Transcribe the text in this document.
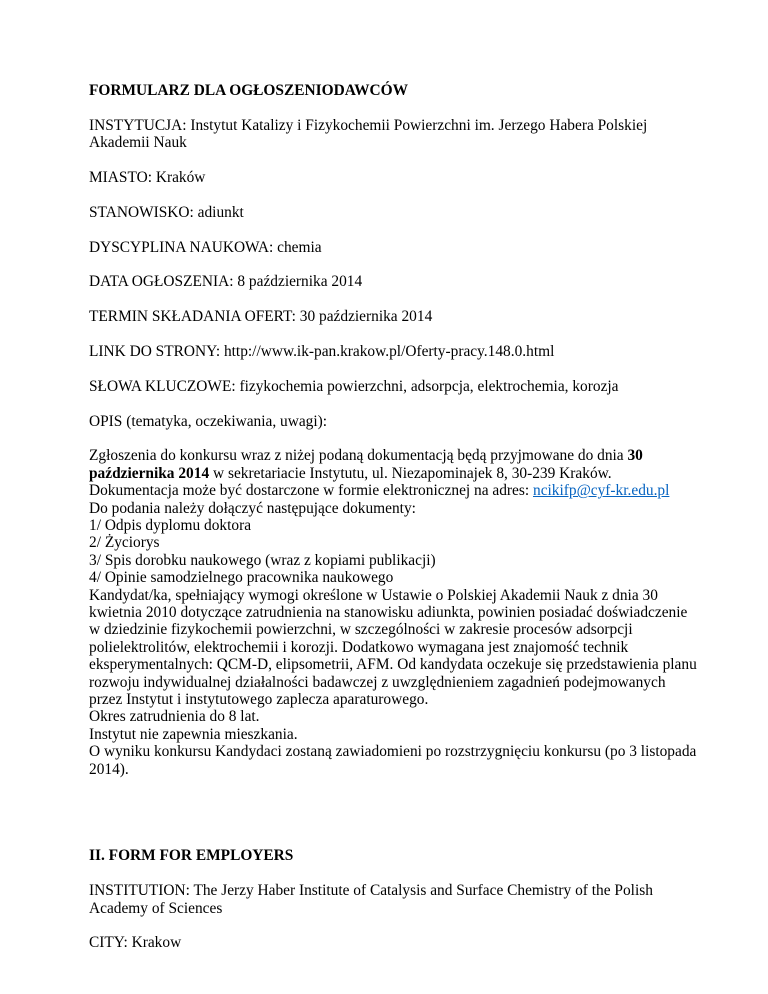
FORMULARZ DLA OGŁOSZENIODAWCÓW

INSTYTUCJA: Instytut Katalizy i Fizykochemii Powierzchni im. Jerzego Habera Polskiej Akademii Nauk

MIASTO: Kraków

STANOWISKO: adiunkt

DYSCYPLINA NAUKOWA: chemia

DATA OGŁOSZENIA: 8 października 2014

TERMIN SKŁADANIA OFERT: 30 października 2014

LINK DO STRONY: http://www.ik-pan.krakow.pl/Oferty-pracy.148.0.html

SŁOWA KLUCZOWE: fizykochemia powierzchni, adsorpcja, elektrochemia, korozja

OPIS (tematyka, oczekiwania, uwagi):

Zgłoszenia do konkursu wraz z niżej podaną dokumentacją będą przyjmowane do dnia 30 października 2014 w sekretariacie Instytutu, ul. Niezapominajek 8, 30-239 Kraków.
Dokumentacja może być dostarczone w formie elektronicznej na adres: ncikifp@cyf-kr.edu.pl
Do podania należy dołączyć następujące dokumenty:
1/ Odpis dyplomu doktora
2/ Życiorys
3/ Spis dorobku naukowego (wraz z kopiami publikacji)
4/ Opinie samodzielnego pracownika naukowego
Kandydat/ka, spełniający wymogi określone w Ustawie o Polskiej Akademii Nauk z dnia 30 kwietnia 2010 dotyczące zatrudnienia na stanowisku adiunkta, powinien posiadać doświadczenie w dziedzinie fizykochemii powierzchni, w szczególności w zakresie procesów adsorpcji polielektrolitów, elektrochemii i korozji. Dodatkowo wymagana jest znajomość technik eksperymentalnych: QCM-D, elipsometrii, AFM. Od kandydata oczekuje się przedstawienia planu rozwoju indywidualnej działalności badawczej z uwzględnieniem zagadnień podejmowanych przez Instytut i instytutowego zaplecza aparaturowego.
Okres zatrudnienia do 8 lat.
Instytut nie zapewnia mieszkania.
O wyniku konkursu Kandydaci zostaną zawiadomieni po rozstrzygnięciu konkursu (po 3 listopada 2014).

II. FORM FOR EMPLOYERS

INSTITUTION: The Jerzy Haber Institute of Catalysis and Surface Chemistry of the Polish Academy of Sciences

CITY: Krakow
